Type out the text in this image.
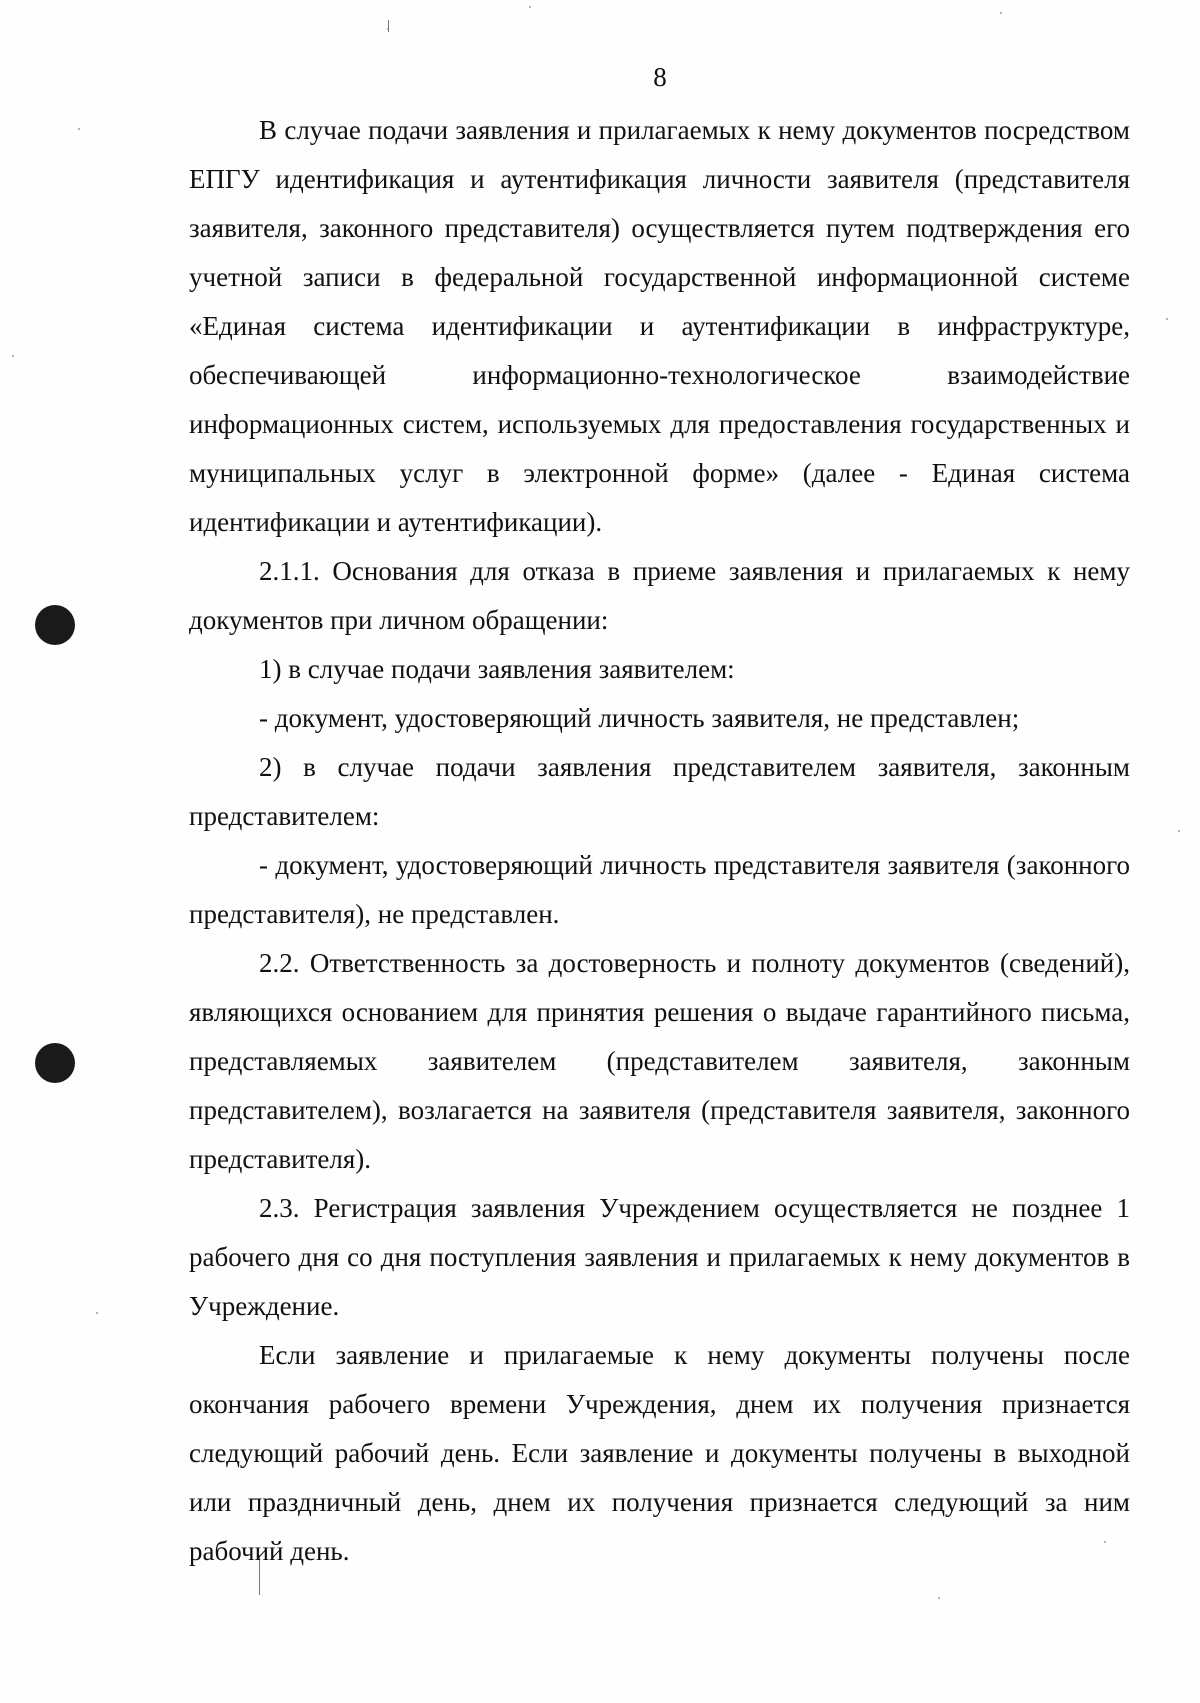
8

В случае подачи заявления и прилагаемых к нему документов посредством ЕПГУ идентификация и аутентификация личности заявителя (представителя заявителя, законного представителя) осуществляется путем подтверждения его учетной записи в федеральной государственной информационной системе «Единая система идентификации и аутентификации в инфраструктуре, обеспечивающей информационно-технологическое взаимодействие информационных систем, используемых для предоставления государственных и муниципальных услуг в электронной форме» (далее - Единая система идентификации и аутентификации).

2.1.1. Основания для отказа в приеме заявления и прилагаемых к нему документов при личном обращении:

1) в случае подачи заявления заявителем:

- документ, удостоверяющий личность заявителя, не представлен;

2) в случае подачи заявления представителем заявителя, законным представителем:

- документ, удостоверяющий личность представителя заявителя (законного представителя), не представлен.

2.2. Ответственность за достоверность и полноту документов (сведений), являющихся основанием для принятия решения о выдаче гарантийного письма, представляемых заявителем (представителем заявителя, законным представителем), возлагается на заявителя (представителя заявителя, законного представителя).

2.3. Регистрация заявления Учреждением осуществляется не позднее 1 рабочего дня со дня поступления заявления и прилагаемых к нему документов в Учреждение.

Если заявление и прилагаемые к нему документы получены после окончания рабочего времени Учреждения, днем их получения признается следующий рабочий день. Если заявление и документы получены в выходной или праздничный день, днем их получения признается следующий за ним рабочий день.
